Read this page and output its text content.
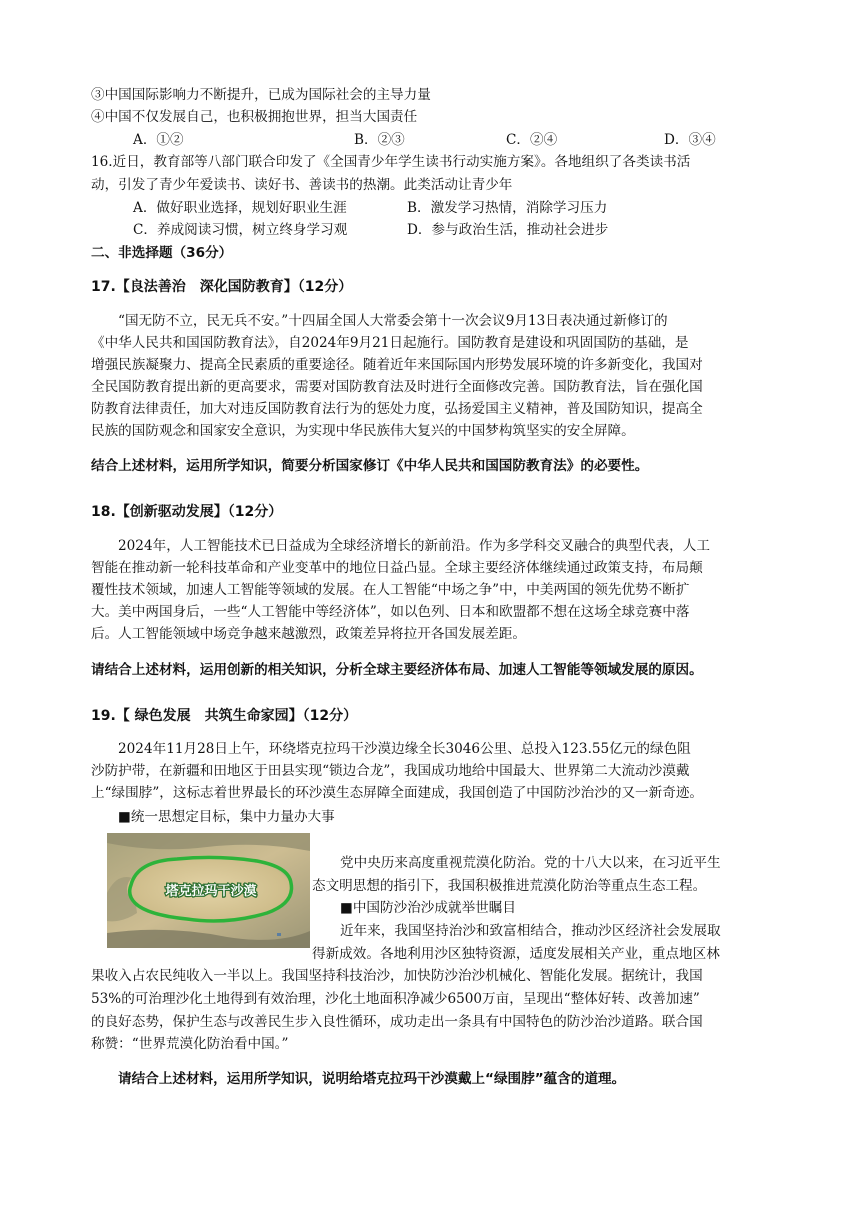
③中国国际影响力不断提升，已成为国际社会的主导力量
④中国不仅发展自己，也积极拥抱世界，担当大国责任
A．①②	B．②③	C．②④	D．③④
16.近日，教育部等八部门联合印发了《全国青少年学生读书行动实施方案》。各地组织了各类读书活
动，引发了青少年爱读书、读好书、善读书的热潮。此类活动让青少年
A．做好职业选择，规划好职业生涯	B．激发学习热情，消除学习压力
C．养成阅读习惯，树立终身学习观	D．参与政治生活，推动社会进步
二、非选择题（36分）
17.【良法善治　深化国防教育】（12分）
“国无防不立，民无兵不安。”十四届全国人大常委会第十一次会议9月13日表决通过新修订的
《中华人民共和国国防教育法》，自2024年9月21日起施行。国防教育是建设和巩固国防的基础，是
增强民族凝聚力、提高全民素质的重要途径。随着近年来国际国内形势发展环境的许多新变化，我国对
全民国防教育提出新的更高要求，需要对国防教育法及时进行全面修改完善。国防教育法，旨在强化国
防教育法律责任，加大对违反国防教育法行为的惩处力度，弘扬爱国主义精神，普及国防知识，提高全
民族的国防观念和国家安全意识，为实现中华民族伟大复兴的中国梦构筑坚实的安全屏障。
结合上述材料，运用所学知识，简要分析国家修订《中华人民共和国国防教育法》的必要性。
18.【创新驱动发展】（12分）
2024年，人工智能技术已日益成为全球经济增长的新前沿。作为多学科交叉融合的典型代表，人工
智能在推动新一轮科技革命和产业变革中的地位日益凸显。全球主要经济体继续通过政策支持，布局颠
覆性技术领域，加速人工智能等领域的发展。在人工智能“中场之争”中，中美两国的领先优势不断扩
大。美中两国身后，一些“人工智能中等经济体”，如以色列、日本和欧盟都不想在这场全球竞赛中落
后。人工智能领域中场竞争越来越激烈，政策差异将拉开各国发展差距。
请结合上述材料，运用创新的相关知识，分析全球主要经济体布局、加速人工智能等领域发展的原因。
19.【 绿色发展　共筑生命家园】（12分）
2024年11月28日上午，环绕塔克拉玛干沙漠边缘全长3046公里、总投入123.55亿元的绿色阻
沙防护带，在新疆和田地区于田县实现“锁边合龙”，我国成功地给中国最大、世界第二大流动沙漠戴
上“绿围脖”，这标志着世界最长的环沙漠生态屏障全面建成，我国创造了中国防沙治沙的又一新奇迹。
■统一思想定目标，集中力量办大事
塔克拉玛干沙漠
党中央历来高度重视荒漠化防治。党的十八大以来，在习近平生
态文明思想的指引下，我国积极推进荒漠化防治等重点生态工程。
■中国防沙治沙成就举世瞩目
近年来，我国坚持治沙和致富相结合，推动沙区经济社会发展取
得新成效。各地利用沙区独特资源，适度发展相关产业，重点地区林
果收入占农民纯收入一半以上。我国坚持科技治沙，加快防沙治沙机械化、智能化发展。据统计，我国
53%的可治理沙化土地得到有效治理，沙化土地面积净减少6500万亩，呈现出“整体好转、改善加速”
的良好态势，保护生态与改善民生步入良性循环，成功走出一条具有中国特色的防沙治沙道路。联合国
称赞：“世界荒漠化防治看中国。”
请结合上述材料，运用所学知识，说明给塔克拉玛干沙漠戴上“绿围脖”蕴含的道理。
